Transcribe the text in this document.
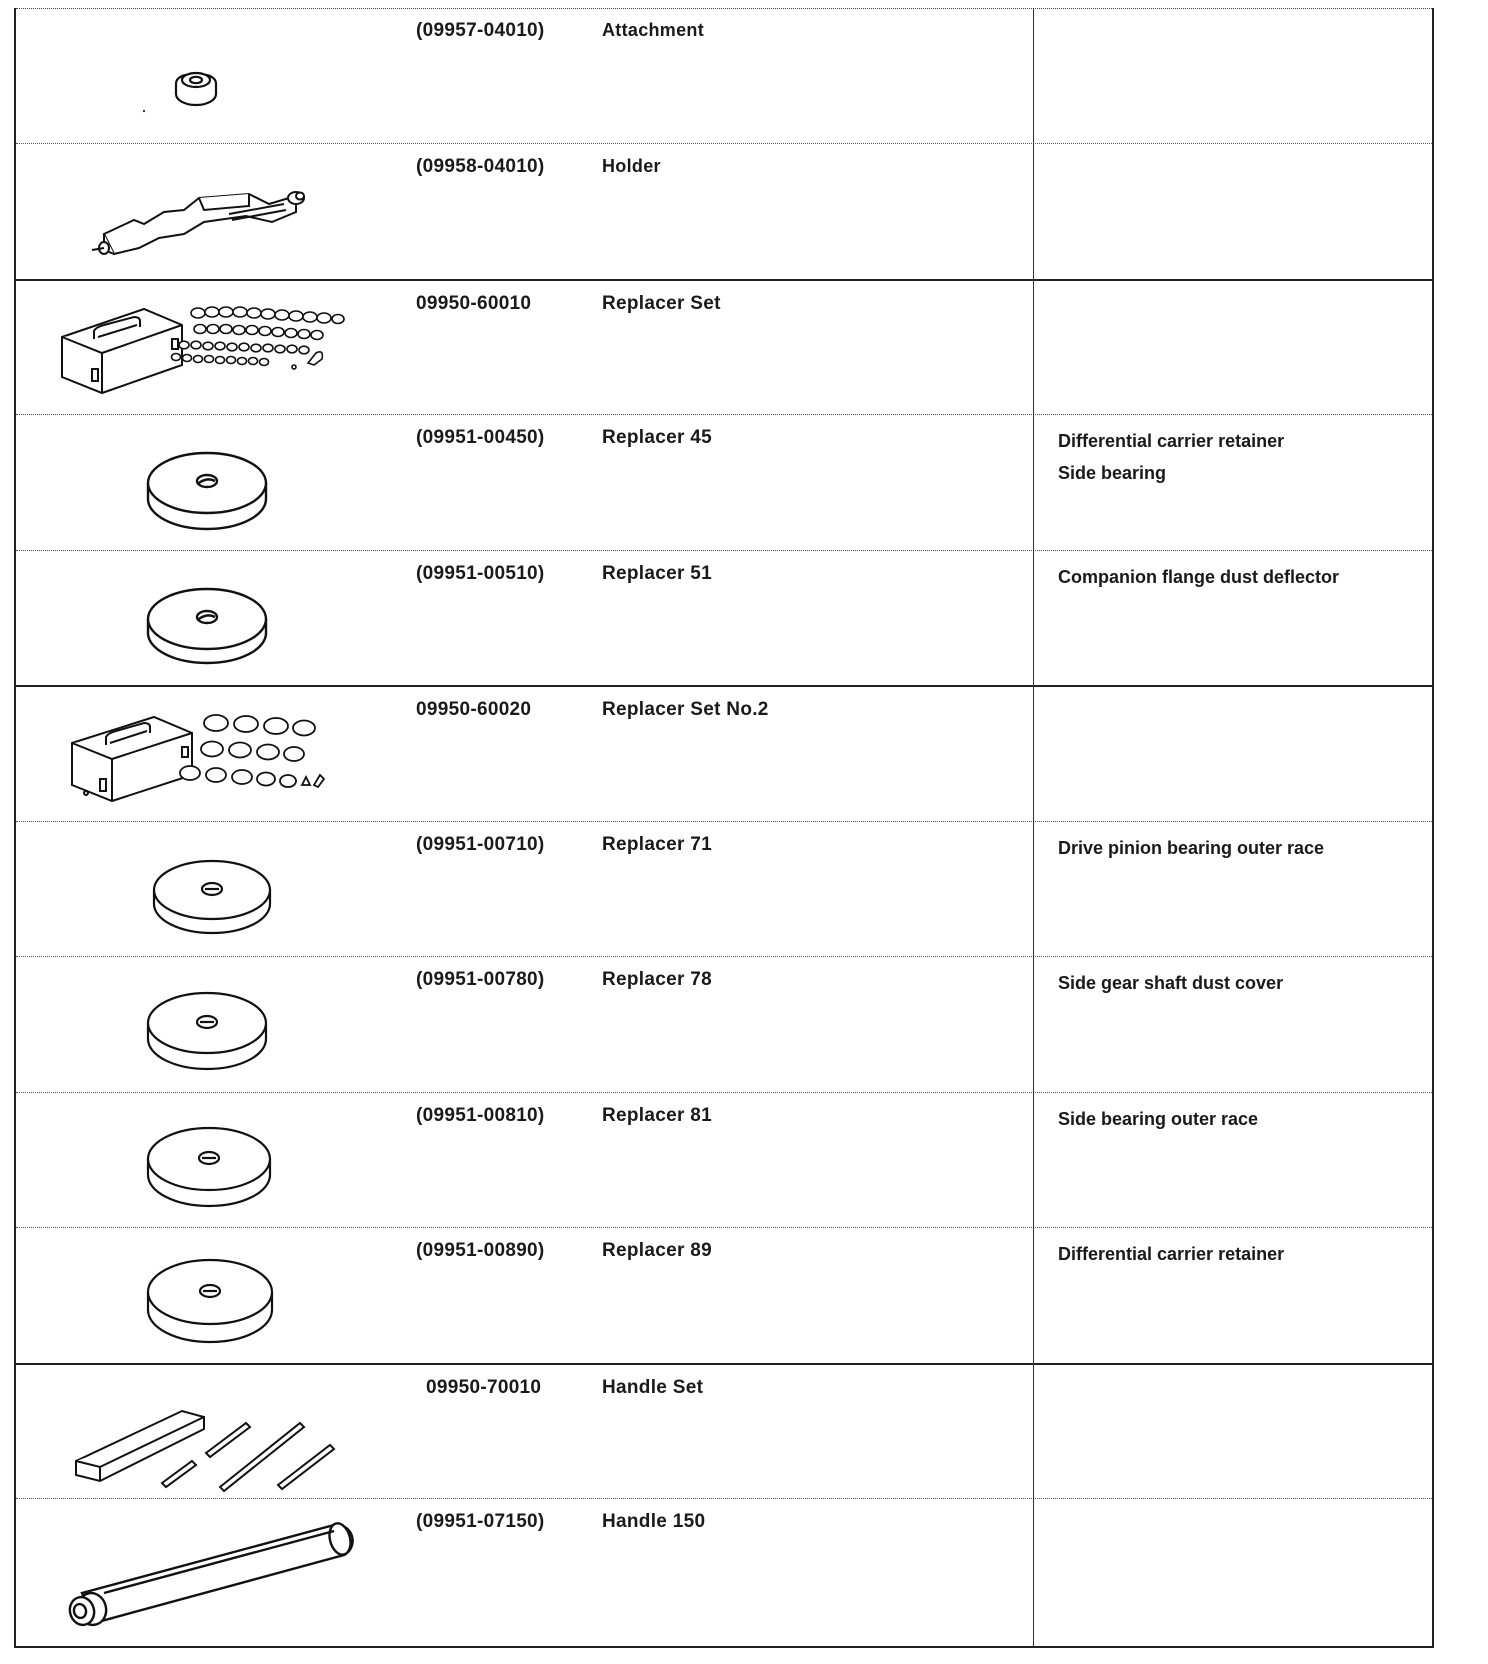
(09957-04010)	Attachment
(09958-04010)	Holder
09950-60010	Replacer Set
(09951-00450)	Replacer 45	Differential carrier retainer
Side bearing
(09951-00510)	Replacer 51	Companion flange dust deflector
09950-60020	Replacer Set No.2
(09951-00710)	Replacer 71	Drive pinion bearing outer race
(09951-00780)	Replacer 78	Side gear shaft dust cover
(09951-00810)	Replacer 81	Side bearing outer race
(09951-00890)	Replacer 89	Differential carrier retainer
09950-70010	Handle Set
(09951-07150)	Handle 150
